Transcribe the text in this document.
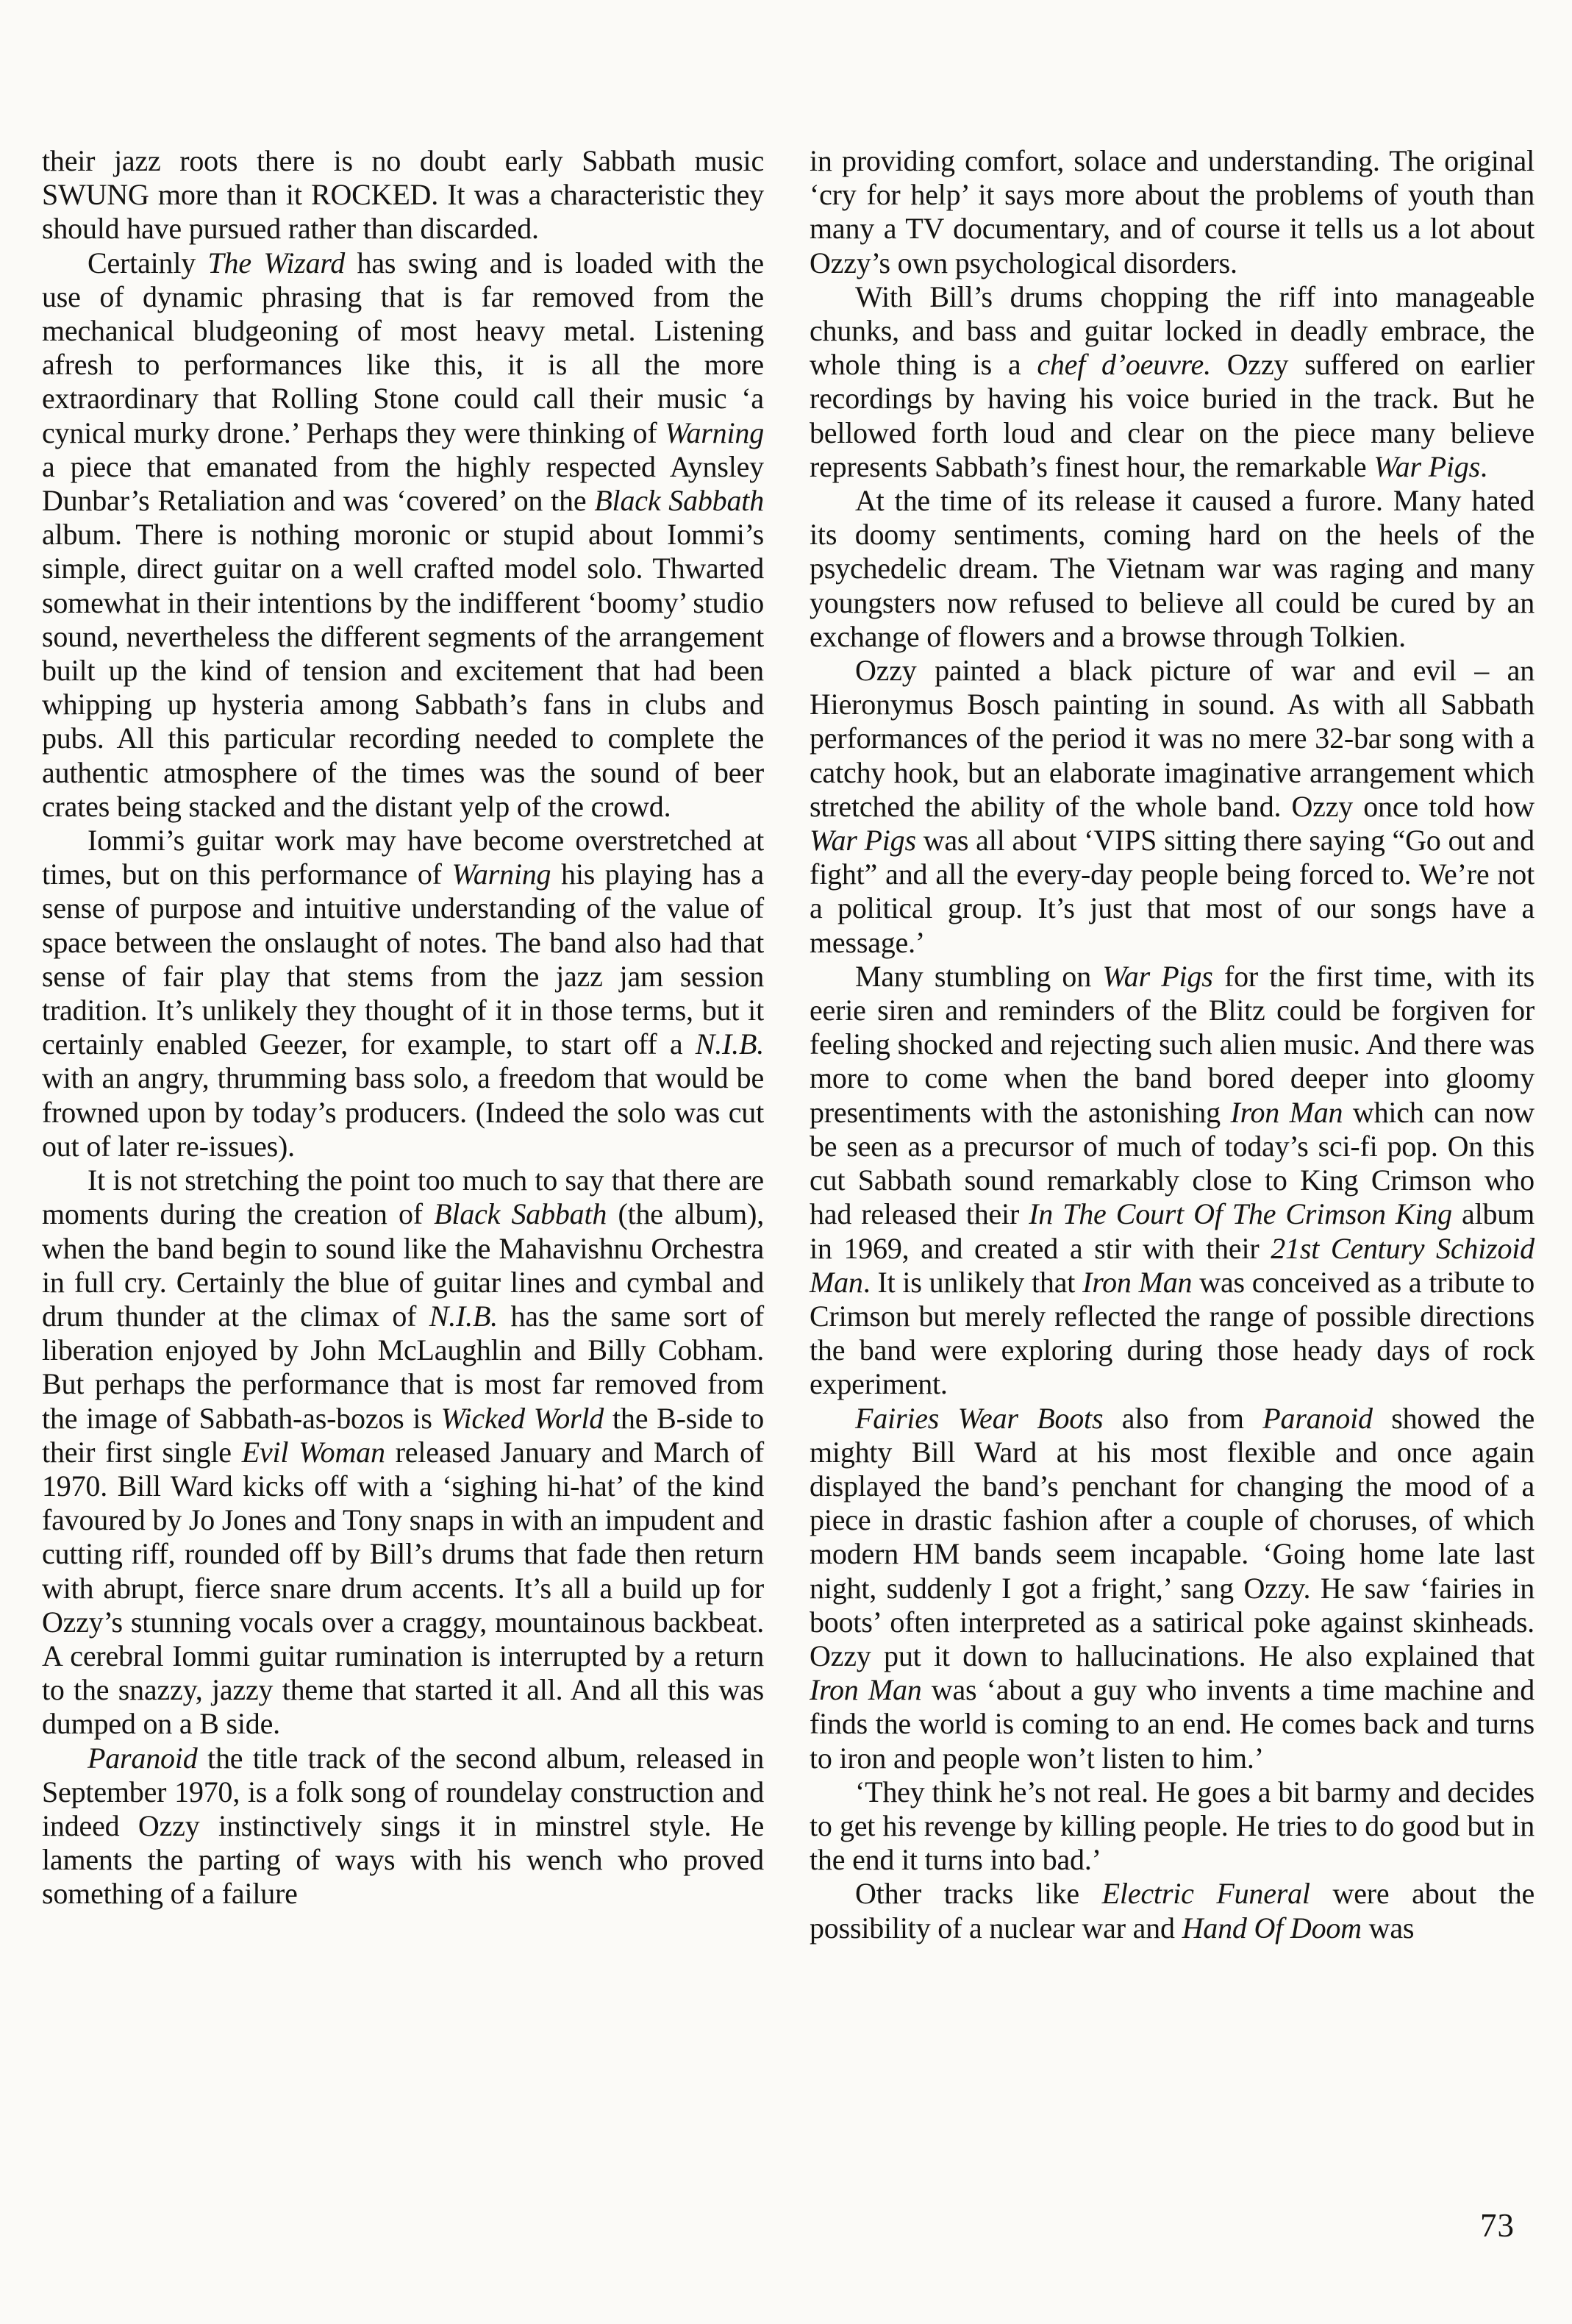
their jazz roots there is no doubt early Sabbath music SWUNG more than it ROCKED. It was a characteristic they should have pursued rather than discarded.

Certainly The Wizard has swing and is loaded with the use of dynamic phrasing that is far removed from the mechanical bludgeoning of most heavy metal. Listening afresh to performances like this, it is all the more extraordinary that Rolling Stone could call their music ‘a cynical murky drone.’ Perhaps they were thinking of Warning a piece that emanated from the highly respected Aynsley Dunbar’s Retaliation and was ‘covered’ on the Black Sabbath album. There is nothing moronic or stupid about Iommi’s simple, direct guitar on a well crafted model solo. Thwarted somewhat in their intentions by the indifferent ‘boomy’ studio sound, nevertheless the different segments of the arrangement built up the kind of tension and excitement that had been whipping up hysteria among Sabbath’s fans in clubs and pubs. All this particular recording needed to complete the authentic atmosphere of the times was the sound of beer crates being stacked and the distant yelp of the crowd.

Iommi’s guitar work may have become overstretched at times, but on this performance of Warning his playing has a sense of purpose and intuitive understanding of the value of space between the onslaught of notes. The band also had that sense of fair play that stems from the jazz jam session tradition. It’s unlikely they thought of it in those terms, but it certainly enabled Geezer, for example, to start off a N.I.B. with an angry, thrumming bass solo, a freedom that would be frowned upon by today’s producers. (Indeed the solo was cut out of later re-issues).

It is not stretching the point too much to say that there are moments during the creation of Black Sabbath (the album), when the band begin to sound like the Mahavishnu Orchestra in full cry. Certainly the blue of guitar lines and cymbal and drum thunder at the climax of N.I.B. has the same sort of liberation enjoyed by John McLaughlin and Billy Cobham. But perhaps the performance that is most far removed from the image of Sabbath-as-bozos is Wicked World the B-side to their first single Evil Woman released January and March of 1970. Bill Ward kicks off with a ‘sighing hi-hat’ of the kind favoured by Jo Jones and Tony snaps in with an impudent and cutting riff, rounded off by Bill’s drums that fade then return with abrupt, fierce snare drum accents. It’s all a build up for Ozzy’s stunning vocals over a craggy, mountainous backbeat. A cerebral Iommi guitar rumination is interrupted by a return to the snazzy, jazzy theme that started it all. And all this was dumped on a B side.

Paranoid the title track of the second album, released in September 1970, is a folk song of roundelay construction and indeed Ozzy instinctively sings it in minstrel style. He laments the parting of ways with his wench who proved something of a failure

in providing comfort, solace and understanding. The original ‘cry for help’ it says more about the problems of youth than many a TV documentary, and of course it tells us a lot about Ozzy’s own psychological disorders.

With Bill’s drums chopping the riff into manageable chunks, and bass and guitar locked in deadly embrace, the whole thing is a chef d’oeuvre. Ozzy suffered on earlier recordings by having his voice buried in the track. But he bellowed forth loud and clear on the piece many believe represents Sabbath’s finest hour, the remarkable War Pigs.

At the time of its release it caused a furore. Many hated its doomy sentiments, coming hard on the heels of the psychedelic dream. The Vietnam war was raging and many youngsters now refused to believe all could be cured by an exchange of flowers and a browse through Tolkien.

Ozzy painted a black picture of war and evil – an Hieronymus Bosch painting in sound. As with all Sabbath performances of the period it was no mere 32-bar song with a catchy hook, but an elaborate imaginative arrangement which stretched the ability of the whole band. Ozzy once told how War Pigs was all about ‘VIPS sitting there saying “Go out and fight” and all the every-day people being forced to. We’re not a political group. It’s just that most of our songs have a message.’

Many stumbling on War Pigs for the first time, with its eerie siren and reminders of the Blitz could be forgiven for feeling shocked and rejecting such alien music. And there was more to come when the band bored deeper into gloomy presentiments with the astonishing Iron Man which can now be seen as a precursor of much of today’s sci-fi pop. On this cut Sabbath sound remarkably close to King Crimson who had released their In The Court Of The Crimson King album in 1969, and created a stir with their 21st Century Schizoid Man. It is unlikely that Iron Man was conceived as a tribute to Crimson but merely reflected the range of possible directions the band were exploring during those heady days of rock experiment.

Fairies Wear Boots also from Paranoid showed the mighty Bill Ward at his most flexible and once again displayed the band’s penchant for changing the mood of a piece in drastic fashion after a couple of choruses, of which modern HM bands seem incapable. ‘Going home late last night, suddenly I got a fright,’ sang Ozzy. He saw ‘fairies in boots’ often interpreted as a satirical poke against skinheads. Ozzy put it down to hallucinations. He also explained that Iron Man was ‘about a guy who invents a time machine and finds the world is coming to an end. He comes back and turns to iron and people won’t listen to him.’

‘They think he’s not real. He goes a bit barmy and decides to get his revenge by killing people. He tries to do good but in the end it turns into bad.’

Other tracks like Electric Funeral were about the possibility of a nuclear war and Hand Of Doom was

73
